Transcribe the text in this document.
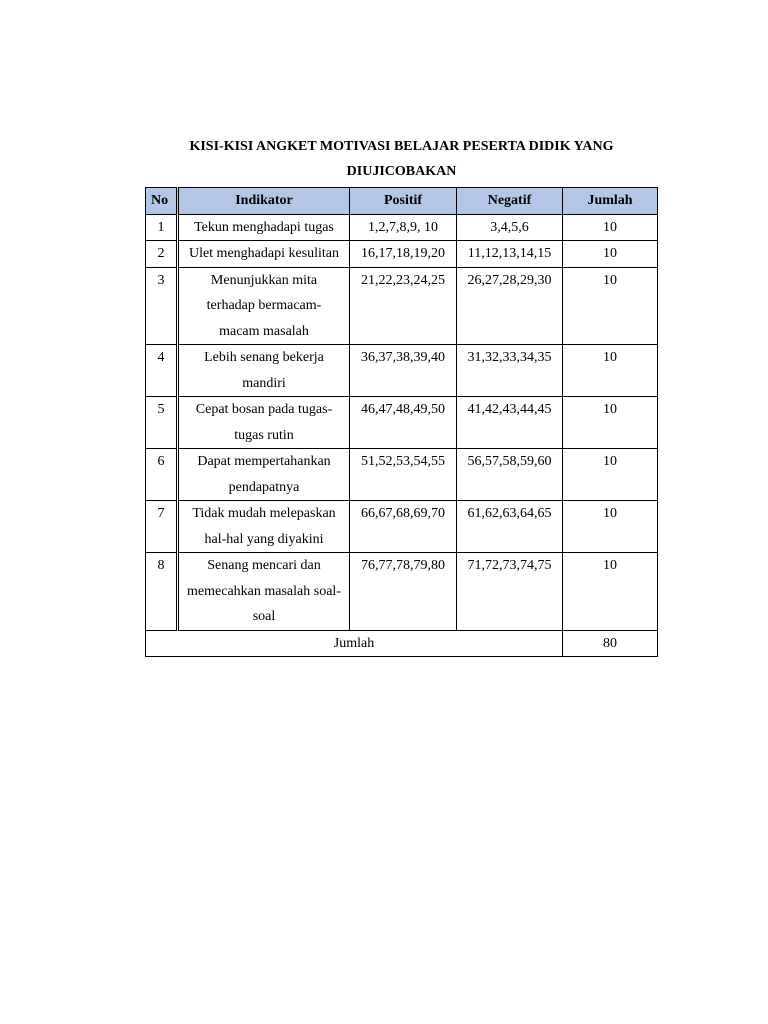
KISI-KISI ANGKET MOTIVASI BELAJAR PESERTA DIDIK YANG
DIUJICOBAKAN
No	Indikator	Positif	Negatif	Jumlah
1	Tekun menghadapi tugas	1,2,7,8,9, 10	3,4,5,6	10
2	Ulet menghadapi kesulitan	16,17,18,19,20	11,12,13,14,15	10
3	Menunjukkan mita terhadap bermacam-macam masalah	21,22,23,24,25	26,27,28,29,30	10
4	Lebih senang bekerja mandiri	36,37,38,39,40	31,32,33,34,35	10
5	Cepat bosan pada tugas-tugas rutin	46,47,48,49,50	41,42,43,44,45	10
6	Dapat mempertahankan pendapatnya	51,52,53,54,55	56,57,58,59,60	10
7	Tidak mudah melepaskan hal-hal yang diyakini	66,67,68,69,70	61,62,63,64,65	10
8	Senang mencari dan memecahkan masalah soal-soal	76,77,78,79,80	71,72,73,74,75	10
Jumlah				80
